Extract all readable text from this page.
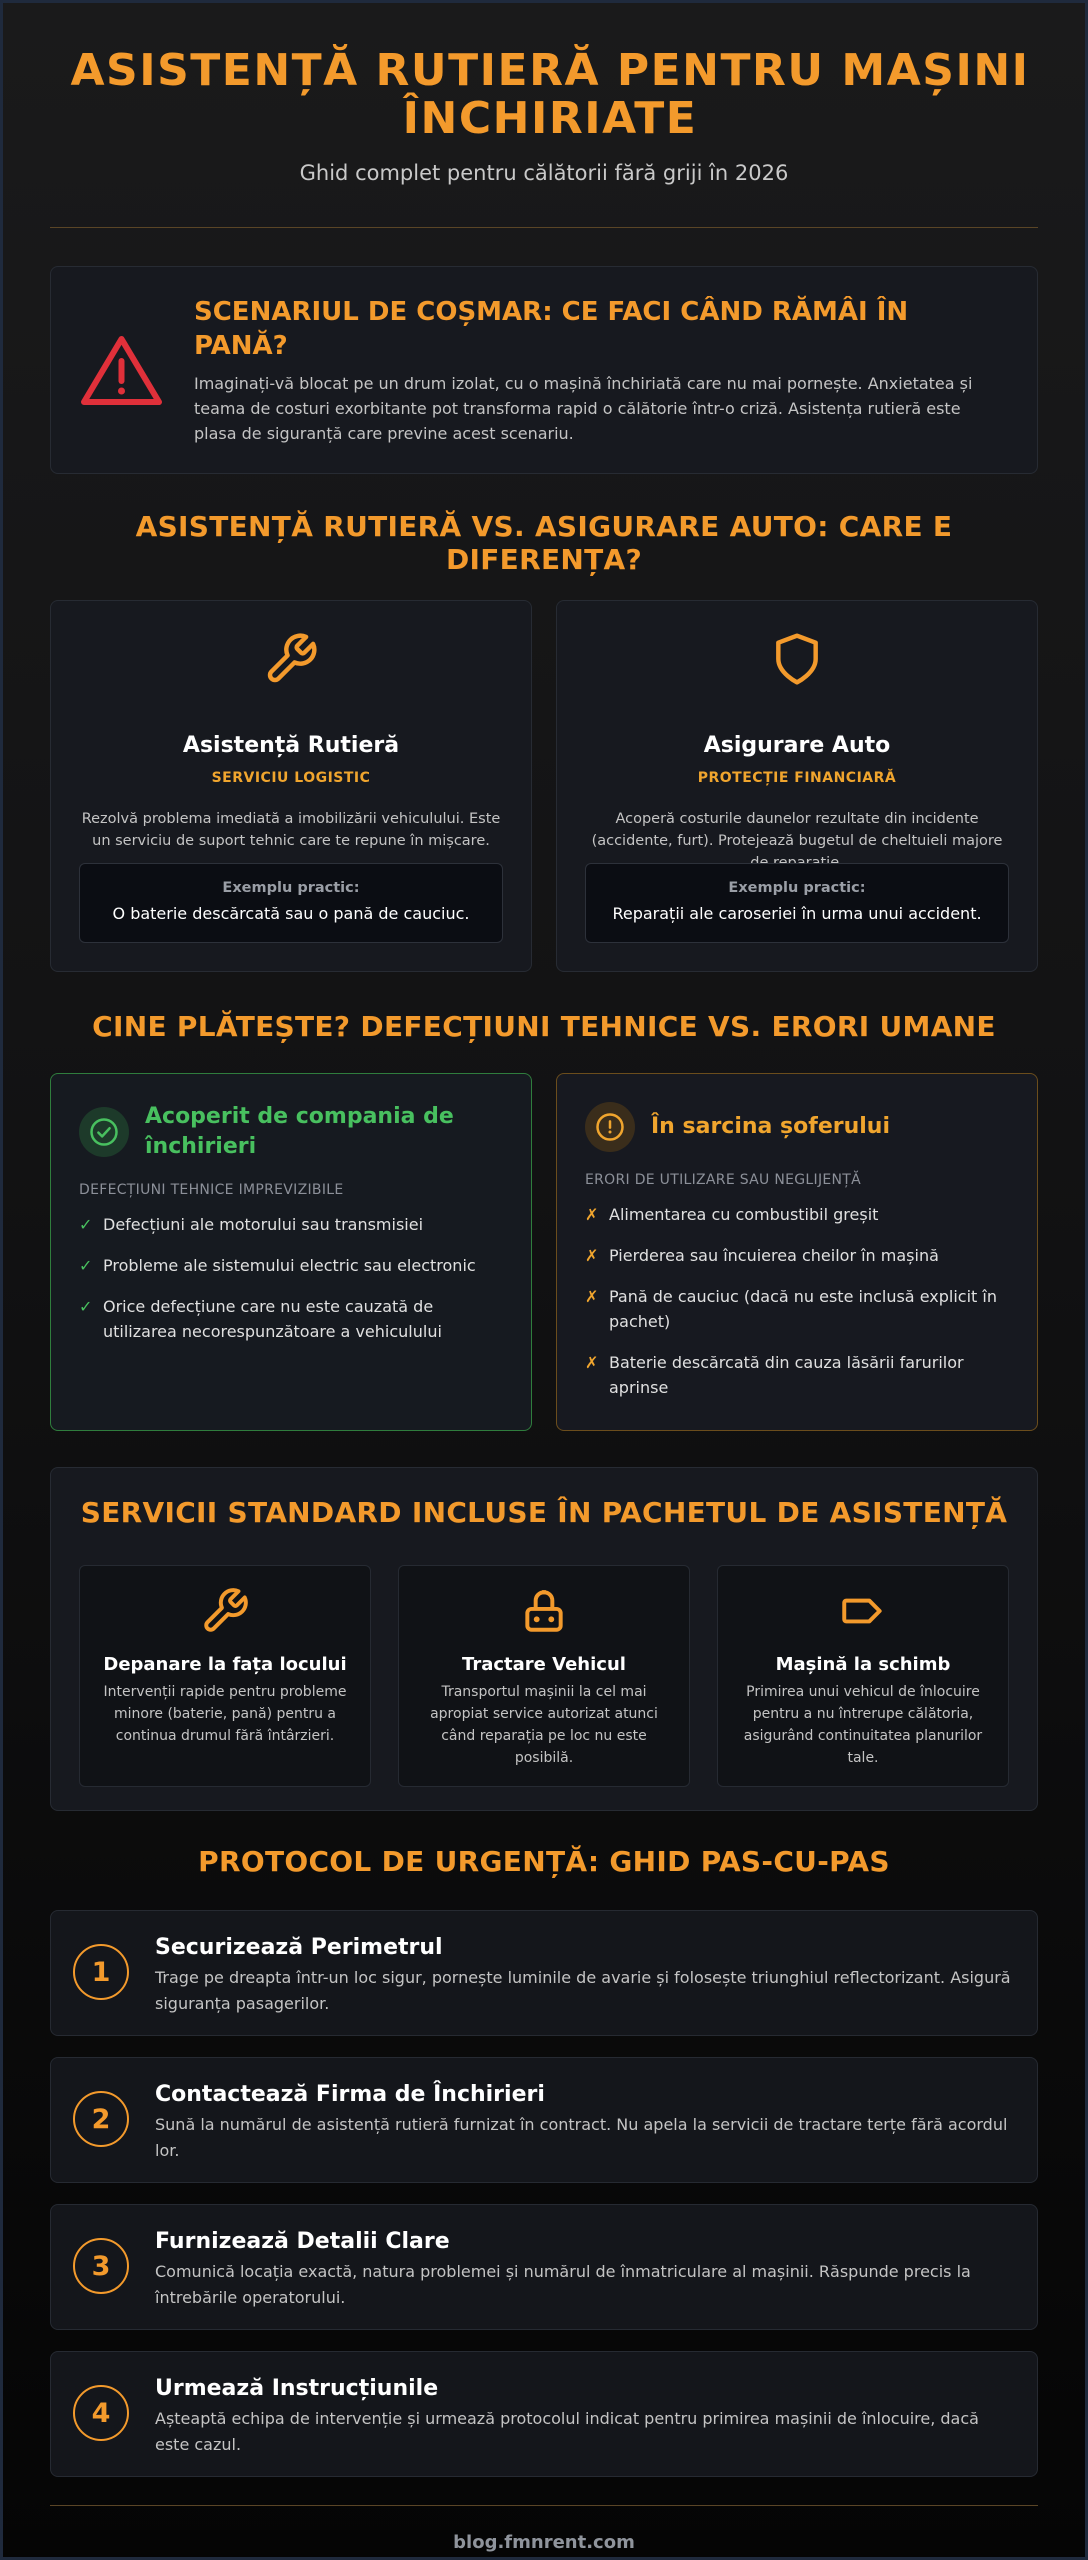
ASISTENȚĂ RUTIERĂ PENTRU MAȘINI ÎNCHIRIATE
Ghid complet pentru călătorii fără griji în 2026
SCENARIUL DE COȘMAR: CE FACI CÂND RĂMÂI ÎN PANĂ?

Imaginați-vă blocat pe un drum izolat, cu o mașină închiriată care nu mai pornește. Anxietatea și teama de costuri exorbitante pot transforma rapid o călătorie într-o criză. Asistența rutieră este plasa de siguranță care previne acest scenariu.

ASISTENȚĂ RUTIERĂ VS. ASIGURARE AUTO: CARE E DIFERENȚA?
Asistență Rutieră
SERVICIU LOGISTIC

Rezolvă problema imediată a imobilizării vehiculului. Este un serviciu de suport tehnic care te repune în mișcare.

Exemplu practic:
O baterie descărcată sau o pană de cauciuc.
Asigurare Auto
PROTECȚIE FINANCIARĂ

Acoperă costurile daunelor rezultate din incidente (accidente, furt). Protejează bugetul de cheltuieli majore

Exemplu practic:
Reparații ale caroseriei în urma unui accident.
CINE PLĂTEȘTE? DEFECȚIUNI TEHNICE VS. ERORI UMANE
Acoperit de compania de închirieri
DEFECȚIUNI TEHNICE IMPREVIZIBILE
✓ Defecțiuni ale motorului sau transmisiei
✓ Probleme ale sistemului electric sau electronic
✓ Orice defecțiune care nu este cauzată de utilizarea necorespunzătoare a vehiculului
În sarcina șoferului
ERORI DE UTILIZARE SAU NEGLIJENȚĂ
✗ Alimentarea cu combustibil greșit
✗ Pierderea sau încuierea cheilor în mașină
✗ Pană de cauciuc (dacă nu este inclusă explicit în pachet)
✗ Baterie descărcată din cauza lăsării farurilor aprinse
SERVICII STANDARD INCLUSE ÎN PACHETUL DE ASISTENȚĂ
Depanare la fața locului

Intervenții rapide pentru probleme minore (baterie, pană) pentru a continua drumul fără întârzieri.

Tractare Vehicul

Transportul mașinii la cel mai apropiat service autorizat atunci când reparația pe loc nu este posibilă.

Mașină la schimb

Primirea unui vehicul de înlocuire pentru a nu întrerupe călătoria, asigurând continuitatea planurilor tale.

PROTOCOL DE URGENȚĂ: GHID PAS-CU-PAS
1
Securizează Perimetrul

Trage pe dreapta într-un loc sigur, pornește luminile de avarie și folosește triunghiul reflectorizant. Asigură siguranța pasagerilor.

2
Contactează Firma de Închirieri

Sună la numărul de asistență rutieră furnizat în contract. Nu apela la servicii de tractare terțe fără acordul lor.

3
Furnizează Detalii Clare

Comunică locația exactă, natura problemei și numărul de înmatriculare al mașinii. Răspunde precis la întrebările operatorului.

4
Urmează Instrucțiunile

Așteaptă echipa de intervenție și urmează protocolul indicat pentru primirea mașinii de înlocuire, dacă este cazul.

blog.fmnrent.com
